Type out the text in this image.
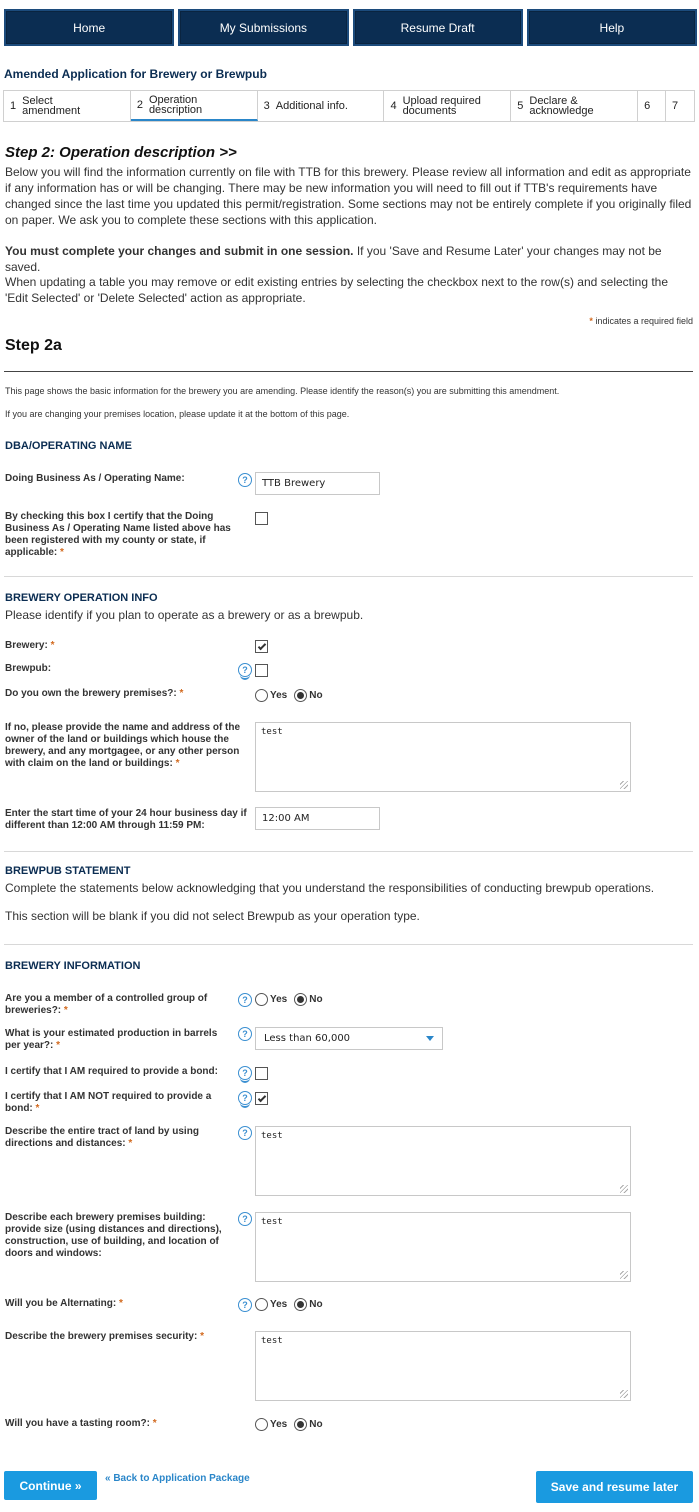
Home	My Submissions	Resume Draft	Help
Amended Application for Brewery or Brewpub
1 Select amendment	2 Operation description	3 Additional info.	4 Upload required documents	5 Declare & acknowledge	6 7
Step 2: Operation description >>
Below you will find the information currently on file with TTB for this brewery. Please review all information and edit as appropriate if any information has or will be changing. There may be new information you will need to fill out if TTB's requirements have changed since the last time you updated this permit/registration. Some sections may not be entirely complete if you originally filed on paper. We ask you to complete these sections with this application.
You must complete your changes and submit in one session. If you 'Save and Resume Later' your changes may not be saved.
When updating a table you may remove or edit existing entries by selecting the checkbox next to the row(s) and selecting the 'Edit Selected' or 'Delete Selected' action as appropriate.
* indicates a required field
Step 2a
This page shows the basic information for the brewery you are amending. Please identify the reason(s) you are submitting this amendment.
If you are changing your premises location, please update it at the bottom of this page.
DBA/OPERATING NAME
Doing Business As / Operating Name:	?	TTB Brewery
By checking this box I certify that the Doing Business As / Operating Name listed above has been registered with my county or state, if applicable: *
BREWERY OPERATION INFO
Please identify if you plan to operate as a brewery or as a brewpub.
Brewery: *
Brewpub:	?
Do you own the brewery premises?: *	Yes No
If no, please provide the name and address of the owner of the land or buildings which house the brewery, and any mortgagee, or any other person with claim on the land or buildings: *
test
Enter the start time of your 24 hour business day if different than 12:00 AM through 11:59 PM:
12:00 AM
BREWPUB STATEMENT
Complete the statements below acknowledging that you understand the responsibilities of conducting brewpub operations.
This section will be blank if you did not select Brewpub as your operation type.
BREWERY INFORMATION
Are you a member of a controlled group of breweries?: *
?	Yes No
What is your estimated production in barrels per year?: *
?	Less than 60,000
I certify that I AM required to provide a bond:	?
I certify that I AM NOT required to provide a bond: *
?
Describe the entire tract of land by using directions and distances: *
?	test
Describe each brewery premises building: provide size (using distances and directions), construction, use of building, and location of doors and windows:
?	test
Will you be Alternating: *	?	Yes No
Describe the brewery premises security: *	test
Will you have a tasting room?: *	Yes No
Continue »	« Back to Application Package
Save and resume later
